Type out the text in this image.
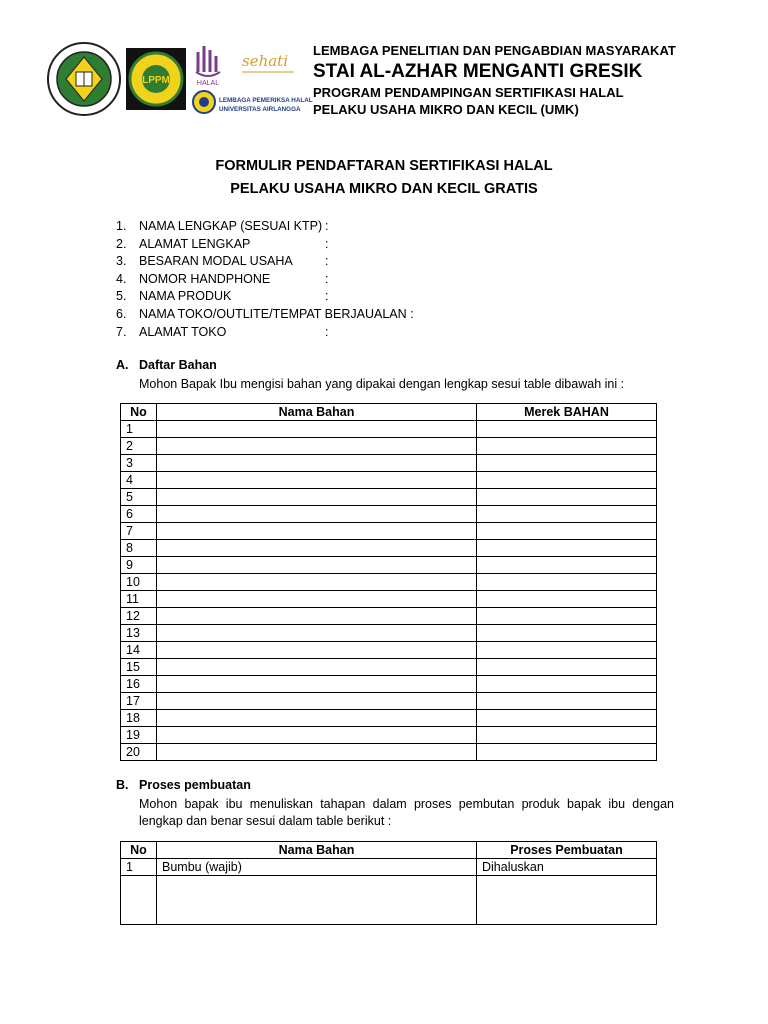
LPPM	HALAL
sehati
LEMBAGA PEMERIKSA HALAL
UNIVERSITAS AIRLANGGA
LEMBAGA PENELITIAN DAN PENGABDIAN MASYARAKAT
STAI AL-AZHAR MENGANTI GRESIK
PROGRAM PENDAMPINGAN SERTIFIKASI HALAL
PELAKU USAHA MIKRO DAN KECIL (UMK)
FORMULIR PENDAFTARAN SERTIFIKASI HALAL
PELAKU USAHA MIKRO DAN KECIL GRATIS
1. NAMA LENGKAP (SESUAI KTP) :
2. ALAMAT LENGKAP	:
3. BESARAN MODAL USAHA	:
4. NOMOR HANDPHONE	:
5. NAMA PRODUK	:
6. NAMA TOKO/OUTLITE/TEMPAT BERJAUALAN :
7. ALAMAT TOKO	:
A. Daftar Bahan
Mohon Bapak Ibu mengisi bahan yang dipakai dengan lengkap sesui table dibawah ini :
No	Nama Bahan	Merek BAHAN
1		
2		
3		
4		
5		
6		
7		
8		
9		
10		
11		
12		
13		
14		
15		
16		
17		
18		
19		
20		
B. Proses pembuatan
Mohon bapak ibu menuliskan tahapan dalam proses pembutan produk bapak ibu dengan lengkap dan benar sesui dalam table berikut :
No	Nama Bahan	Proses Pembuatan
1	Bumbu (wajib)	Dihaluskan
